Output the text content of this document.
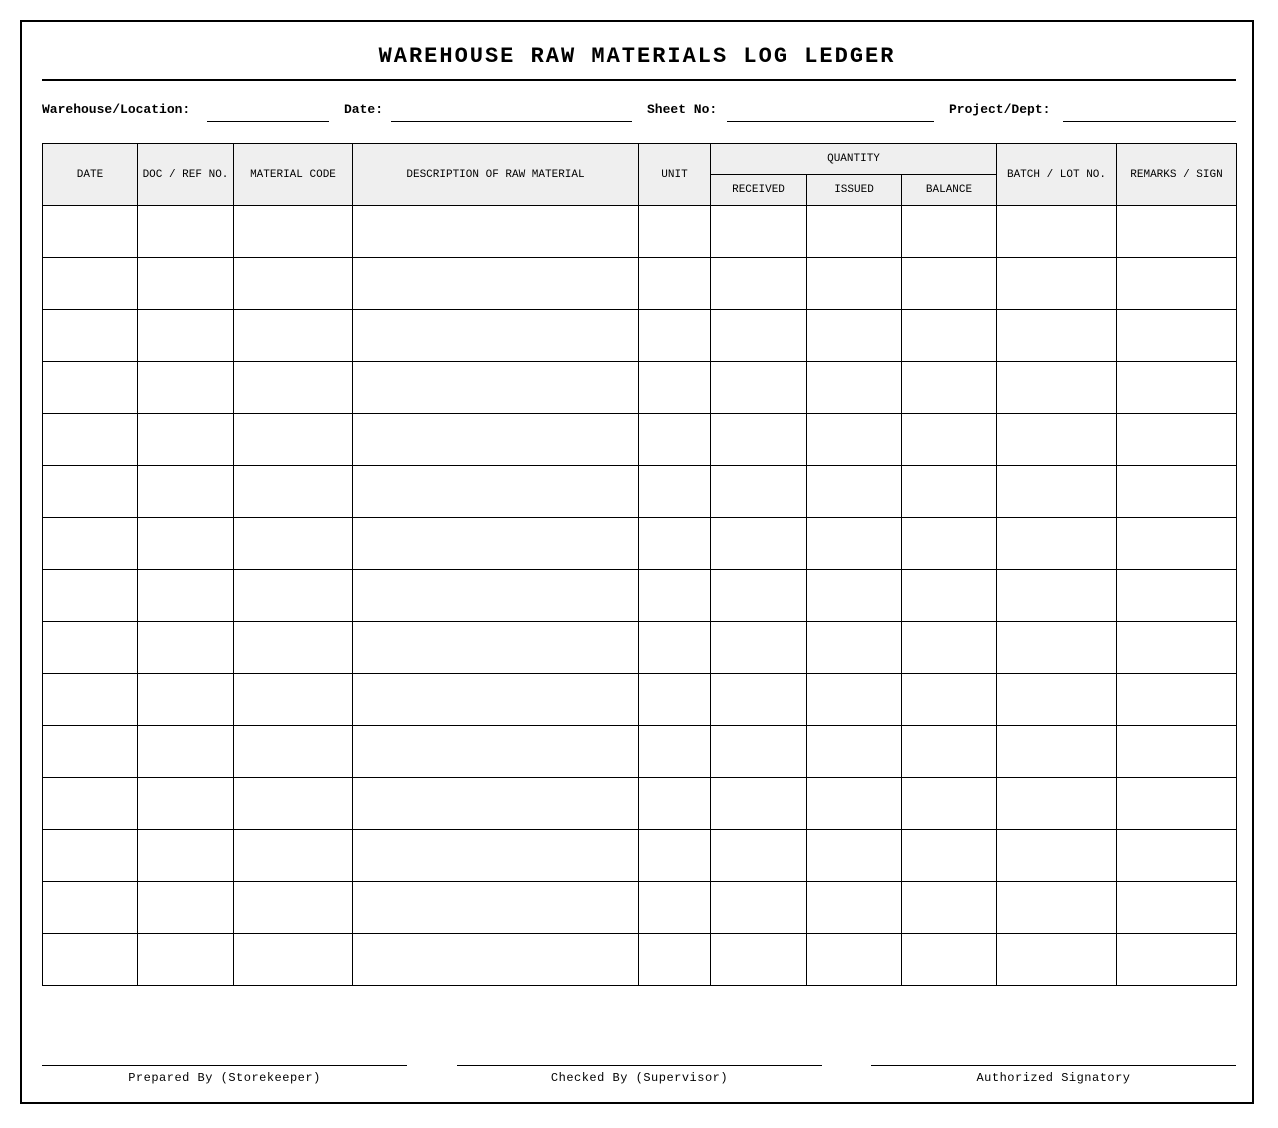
WAREHOUSE RAW MATERIALS LOG LEDGER
Warehouse/Location:	Date:	Sheet No:	Project/Dept:
DATE	DOC / REF NO.	MATERIAL CODE	DESCRIPTION OF RAW MATERIAL	UNIT	QUANTITY			BATCH / LOT NO.	REMARKS / SIGN
					RECEIVED	ISSUED	BALANCE		

Prepared By (Storekeeper)	Checked By (Supervisor)	Authorized Signatory
